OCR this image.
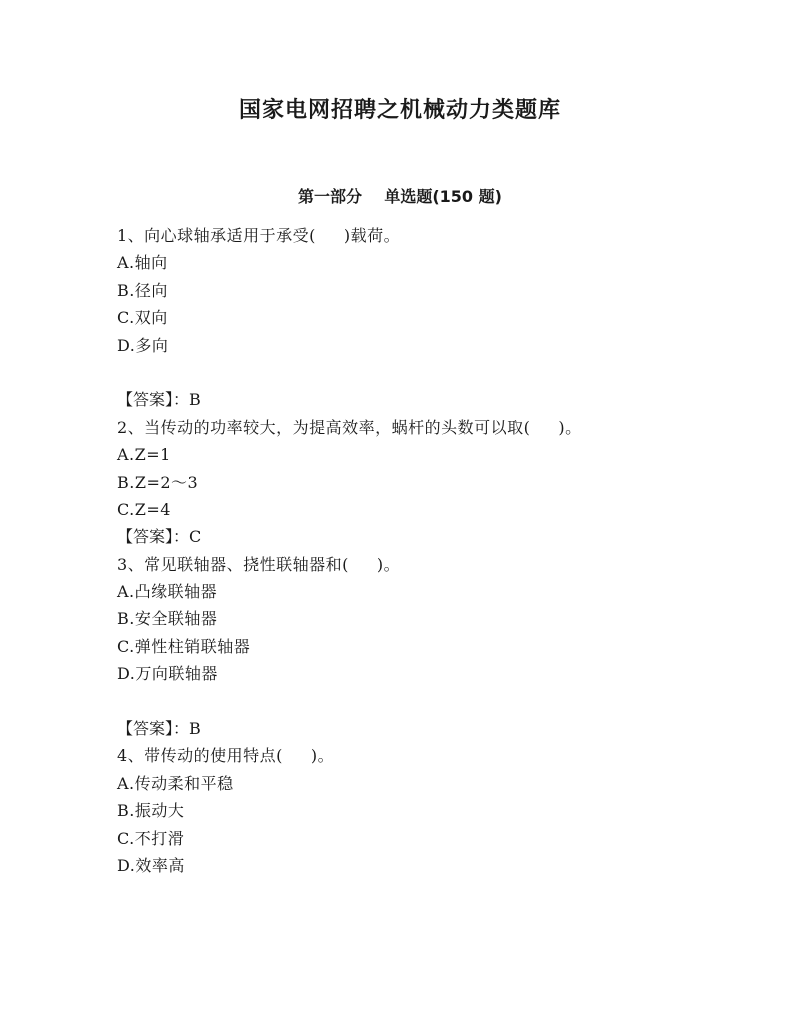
国家电网招聘之机械动力类题库
第一部分    单选题(150 题)

1、向心球轴承适用于承受(     )载荷。

A.轴向

B.径向

C.双向

D.多向

【答案】：B

2、当传动的功率较大，为提高效率，蜗杆的头数可以取(     )。

A.Z=1

B.Z=2～3

C.Z=4

【答案】：C

3、常见联轴器、挠性联轴器和(     )。

A.凸缘联轴器

B.安全联轴器

C.弹性柱销联轴器

D.万向联轴器

【答案】：B

4、带传动的使用特点(     )。

A.传动柔和平稳

B.振动大

C.不打滑

D.效率高
